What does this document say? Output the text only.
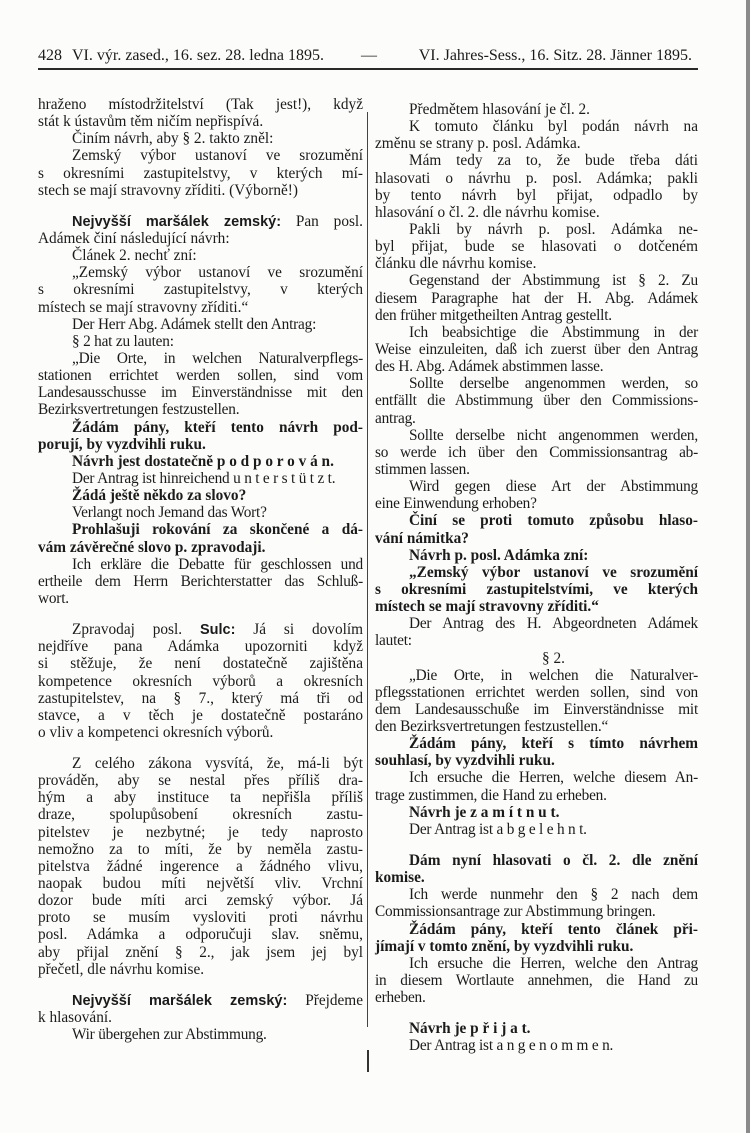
428 VI. výr. zased., 16. sez. 28. ledna 1895. —	VI. Jahres-Sess., 16. Sitz. 28. Jänner 1895.
hraženo místodržitelství (Tak jest!), když
stát k ústavům těm ničím nepřispívá.
Činím návrh, aby § 2. takto zněl:
Zemský výbor ustanoví ve srozumění
s okresními zastupitelstvy, v kterých mí-
stech se mají stravovny zříditi. (Výborně!)
Nejvyšší maršálek zemský: Pan posl.
Adámek činí následující návrh:
Článek 2. nechť zní:
„Zemský výbor ustanoví ve srozumění
s okresními zastupitelstvy, v kterých
místech se mají stravovny zříditi.“
Der Herr Abg. Adámek stellt den Antrag:
§ 2 hat zu lauten:
„Die Orte, in welchen Naturalverpflegs-
stationen errichtet werden sollen, sind vom
Landesausschusse im Einverständnisse mit den
Bezirksvertretungen festzustellen.
Žádám pány, kteří tento návrh pod-
porují, by vyzdvihli ruku.
Návrh jest dostatečně p o d p o r o v á n.
Der Antrag ist hinreichend u n t e r s t ü t z t.
Žádá ještě někdo za slovo?
Verlangt noch Jemand das Wort?
Prohlašuji rokování za skončené a dá-
vám závěrečné slovo p. zpravodaji.
Ich erkläre die Debatte für geschlossen und
ertheile dem Herrn Berichterstatter das Schluß-
wort.
Zpravodaj posl. Sulc: Já si dovolím
nejdříve pana Adámka upozorniti když
si stěžuje, že není dostatečně zajištěna
kompetence okresních výborů a okresních
zastupitelstev, na § 7., který má tři od
stavce, a v těch je dostatečně postaráno
o vliv a kompetenci okresních výborů.
Z celého zákona vysvítá, že, má-li být
prováděn, aby se nestal přes příliš dra-
hým a aby instituce ta nepřišla příliš
draze, spolupůsobení okresních zastu-
pitelstev je nezbytné; je tedy naprosto
nemožno za to míti, že by neměla zastu-
pitelstva žádné ingerence a žádného vlivu,
naopak budou míti největší vliv. Vrchní
dozor bude míti arci zemský výbor. Já
proto se musím vysloviti proti návrhu
posl. Adámka a odporučuji slav. sněmu,
aby přijal znění § 2., jak jsem jej byl
přečetl, dle návrhu komise.
Nejvyšší maršálek zemský: Přejdeme
k hlasování.
Wir übergehen zur Abstimmung.
Předmětem hlasování je čl. 2.
K tomuto článku byl podán návrh na
změnu se strany p. posl. Adámka.
Mám tedy za to, že bude třeba dáti
hlasovati o návrhu p. posl. Adámka; pakli
by tento návrh byl přijat, odpadlo by
hlasování o čl. 2. dle návrhu komise.
Pakli by návrh p. posl. Adámka ne-
byl přijat, bude se hlasovati o dotčeném
článku dle návrhu komise.
Gegenstand der Abstimmung ist § 2. Zu
diesem Paragraphe hat der H. Abg. Adámek
den früher mitgetheilten Antrag gestellt.
Ich beabsichtige die Abstimmung in der
Weise einzuleiten, daß ich zuerst über den Antrag
des H. Abg. Adámek abstimmen lasse.
Sollte derselbe angenommen werden, so
entfällt die Abstimmung über den Commissions-
antrag.
Sollte derselbe nicht angenommen werden,
so werde ich über den Commissionsantrag ab-
stimmen lassen.
Wird gegen diese Art der Abstimmung
eine Einwendung erhoben?
Činí se proti tomuto způsobu hlaso-
vání námitka?
Návrh p. posl. Adámka zní:
„Zemský výbor ustanoví ve srozumění
s okresními zastupitelstvími, ve kterých
místech se mají stravovny zříditi.“
Der Antrag des H. Abgeordneten Adámek
lautet:
§ 2.
„Die Orte, in welchen die Naturalver-
pflegsstationen errichtet werden sollen, sind von
dem Landesausschuße im Einverständnisse mit
den Bezirksvertretungen festzustellen.“
Žádám pány, kteří s tímto návrhem
souhlasí, by vyzdvihli ruku.
Ich ersuche die Herren, welche diesem An-
trage zustimmen, die Hand zu erheben.
Návrh je z a m í t n u t.
Der Antrag ist a b g e l e h n t.
Dám nyní hlasovati o čl. 2. dle znění
komise.
Ich werde nunmehr den § 2 nach dem
Commissionsantrage zur Abstimmung bringen.
Žádám pány, kteří tento článek při-
jímají v tomto znění, by vyzdvihli ruku.
Ich ersuche die Herren, welche den Antrag
in diesem Wortlaute annehmen, die Hand zu
erheben.
Návrh je p ř i j a t.
Der Antrag ist a n g e n o m m e n.
